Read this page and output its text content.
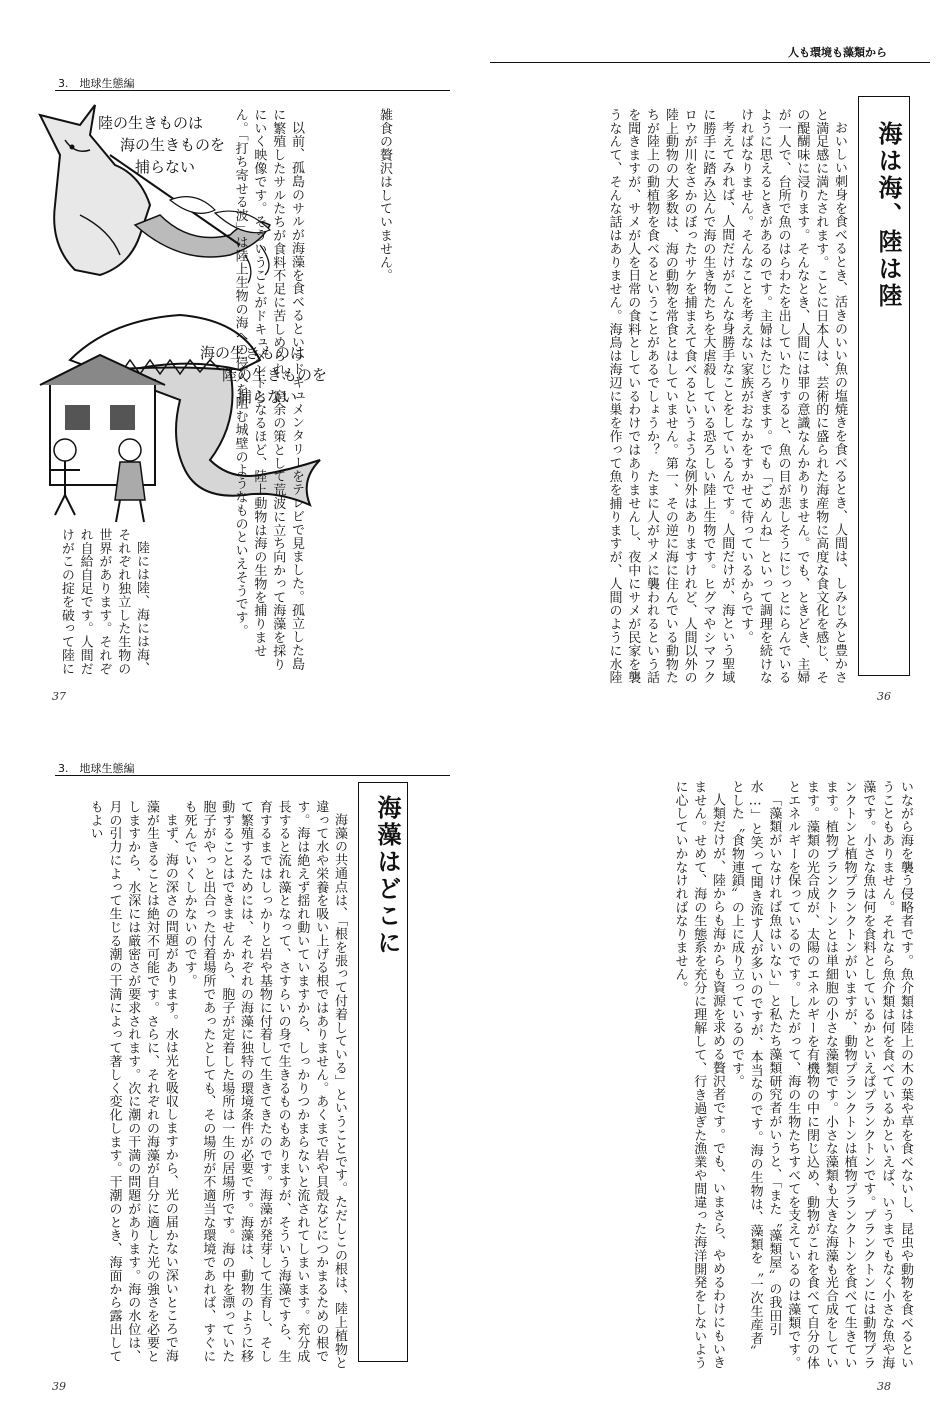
人も環境も藻類から
3.　地球生態編
3.　地球生態編
海は海、陸は陸

おいしい刺身を食べるとき、活きのいい魚の塩焼きを食べるとき、人間は、しみじみと豊かさと満足感に満たされます。ことに日本人は、芸術的に盛られた海産物に高度な食文化を感じ、その醍醐味に浸ります。そんなとき、人間には罪の意識なんかありません。でも、ときどき、主婦が一人で、台所で魚のはらわたを出していたりすると、魚の目が悲しそうにじっとにらんでいるように思えるときがあるのです。主婦はたじろぎます。でも「ごめんね」といって調理を続けなければなりません。そんなことを考えない家族がおなかをすかせて待っているからです。

考えてみれば、人間だけがこんな身勝手なことをしているんです。人間だけが、海という聖域に勝手に踏み込んで海の生き物たちを大虐殺している恐ろしい陸上生物です。ヒグマやシマフクロウが川をさかのぼったサケを捕まえて食べるというような例外はありますけれど、人間以外の陸上動物の大多数は、海の動物を常食とはしていません。第一、その逆に海に住んでいる動物たちが陸上の動植物を食べるということがあるでしょうか？　たまに人がサメに襲われるという話を聞きますが、サメが人を日常の食料としているわけではありませんし、夜中にサメが民家を襲うなんて、そんな話はありません。海鳥は海辺に巣を作って魚を捕りますが、人間のように水陸

36
陸の生きものは
海の生きものを
捕らない
海の生きものは
陸の生きものを
捕らない

雑食の贅沢はしていません。

以前、孤島のサルが海藻を食べるというドキュメンタリーをテレビで見ました。孤立した島に繁殖したサルたちが食料不足に苦しめられ、窮余の策として荒波に立ち向かって海藻を採りにいく映像です。そういうことがドキュメントとなるほど、陸上動物は海の生物を捕りません。「打ち寄せる波」は陸上生物の海への侵入を阻む城壁のようなものといえそうです。

陸には陸、海には海、それぞれ独立した生物の世界があります。それぞれ自給自足です。人間だけがこの掟を破って陸に

37

いながら海を襲う侵略者です。魚介類は陸上の木の葉や草を食べないし、昆虫や動物を食べるということもありません。それなら魚介類は何を食べているかといえば、いうまでもなく小さな魚や海藻です。小さな魚は何を食料としているかといえばプランクトンです。プランクトンには動物プランクトンと植物プランクトンがいますが、動物プランクトンは植物プランクトンを食べて生きています。植物プランクトンとは単細胞の小さな藻類です。小さな藻類も大きな海藻も光合成をしています。藻類の光合成が、太陽のエネルギーを有機物の中に閉じ込め、動物がこれを食べて自分の体とエネルギーを保っているのです。したがって、海の生物たちすべてを支えているのは藻類です。

「藻類がいなければ魚はいない」と私たち藻類研究者がいうと、「また〝藻類屋〟の我田引水…」と笑って聞き流す人が多いのですが、本当なのです。海の生物は、藻類を〝一次生産者〟とした〝食物連鎖〟の上に成り立っているのです。

人類だけが、陸からも海からも資源を求める贅沢者です。でも、いまさら、やめるわけにもいきません。せめて、海の生態系を充分に理解して、行き過ぎた漁業や間違った海洋開発をしないように心していかなければなりません。

38
海藻はどこに

海藻の共通点は、「根を張って付着している」ということです。ただしこの根は、陸上植物と違って水や栄養を吸い上げる根ではありません。あくまで岩や貝殻などにつかまるための根です。海は絶えず揺れ動いていますから、しっかりつかまらないと流されてしまいます。充分成長すると流れ藻となって、さすらいの身で生きるものもありますが、そういう海藻ですら、生育するまではしっかりと岩や基物に付着して生きてきたのです。海藻が発芽して生育し、そして繁殖するためには、それぞれの海藻に独特の環境条件が必要です。海藻は、動物のように移動することはできませんから、胞子が定着した場所は一生の居場所です。海の中を漂っていた胞子がやっと出合った付着場所であったとしても、その場所が不適当な環境であれば、すぐにも死んでいくしかないのです。

まず、海の深さの問題があります。水は光を吸収しますから、光の届かない深いところで海藻が生きることは絶対不可能です。さらに、それぞれの海藻が自分に適した光の強さを必要としますから、水深には厳密さが要求されます。次に潮の干満の問題があります。海の水位は、月の引力によって生じる潮の干満によって著しく変化します。干潮のとき、海面から露出してもよい

39
